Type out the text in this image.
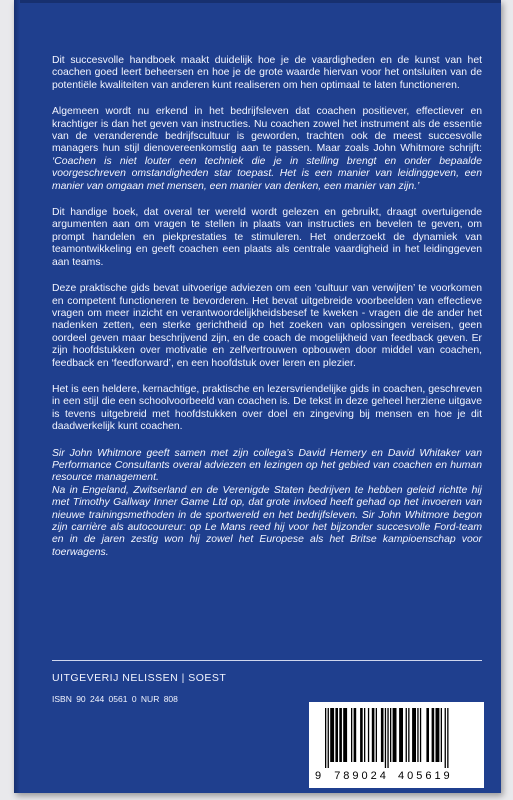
Dit succesvolle handboek maakt duidelijk hoe je de vaardigheden en de kunst van het coachen goed leert beheersen en hoe je de grote waarde hiervan voor het ontsluiten van de potentiële kwaliteiten van anderen kunt realiseren om hen optimaal te laten functioneren.

Algemeen wordt nu erkend in het bedrijfsleven dat coachen positiever, effectiever en krachtiger is dan het geven van instructies. Nu coachen zowel het instrument als de essentie van de veranderende bedrijfscultuur is geworden, trachten ook de meest succesvolle managers hun stijl dienovereenkomstig aan te passen. Maar zoals John Whitmore schrijft: ‘Coachen is niet louter een techniek die je in stelling brengt en onder bepaalde voorgeschreven omstandigheden star toepast. Het is een manier van leidinggeven, een manier van omgaan met mensen, een manier van denken, een manier van zijn.’

Dit handige boek, dat overal ter wereld wordt gelezen en gebruikt, draagt overtuigende argumenten aan om vragen te stellen in plaats van instructies en bevelen te geven, om prompt handelen en piekprestaties te stimuleren. Het onderzoekt de dynamiek van teamontwikkeling en geeft coachen een plaats als centrale vaardigheid in het leidinggeven aan teams.

Deze praktische gids bevat uitvoerige adviezen om een ‘cultuur van verwijten’ te voorkomen en competent functioneren te bevorderen. Het bevat uitgebreide voorbeelden van effectieve vragen om meer inzicht en verantwoordelijkheidsbesef te kweken - vragen die de ander het nadenken zetten, een sterke gerichtheid op het zoeken van oplossingen vereisen, geen oordeel geven maar beschrijvend zijn, en de coach de mogelijkheid van feedback geven. Er zijn hoofdstukken over motivatie en zelfvertrouwen opbouwen door middel van coachen, feedback en ‘feedforward’, en een hoofdstuk over leren en plezier.

Het is een heldere, kernachtige, praktische en lezersvriendelijke gids in coachen, geschreven in een stijl die een schoolvoorbeeld van coachen is. De tekst in deze geheel herziene uitgave is tevens uitgebreid met hoofdstukken over doel en zingeving bij mensen en hoe je dit daadwerkelijk kunt coachen.

Sir John Whitmore geeft samen met zijn collega’s David Hemery en David Whitaker van Performance Consultants overal adviezen en lezingen op het gebied van coachen en human resource management.

Na in Engeland, Zwitserland en de Verenigde Staten bedrijven te hebben geleid richtte hij met Timothy Gallway Inner Game Ltd op, dat grote invloed heeft gehad op het invoeren van nieuwe trainingsmethoden in de sportwereld en het bedrijfsleven. Sir John Whitmore begon zijn carrière als autocoureur: op Le Mans reed hij voor het bijzonder succesvolle Ford-team en in de jaren zestig won hij zowel het Europese als het Britse kampioenschap voor toerwagens.

UITGEVERIJ NELISSEN | SOEST
ISBN 90 244 0561 0 NUR 808
9 789024 405619
